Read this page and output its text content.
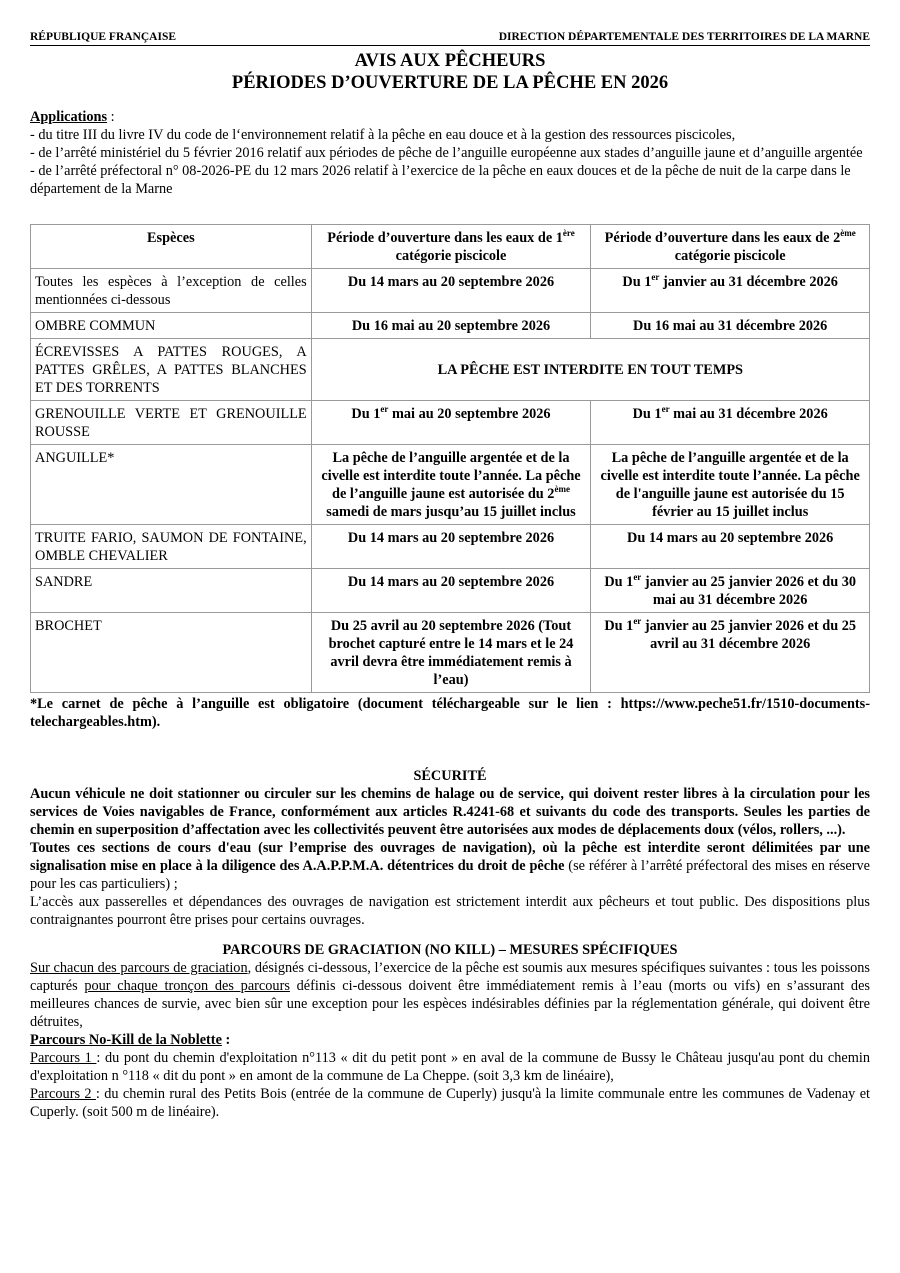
RÉPUBLIQUE FRANÇAISE	DIRECTION DÉPARTEMENTALE DES TERRITOIRES DE LA MARNE
AVIS AUX PÊCHEURS
PÉRIODES D’OUVERTURE DE LA PÊCHE EN 2026
Applications :
- du titre III du livre IV du code de l‘environnement relatif à la pêche en eau douce et à la gestion des ressources piscicoles,
- de l’arrêté ministériel du 5 février 2016 relatif aux périodes de pêche de l’anguille européenne aux stades d’anguille jaune et d’anguille argentée
- de l’arrêté préfectoral n° 08-2026-PE du 12 mars 2026 relatif à l’exercice de la pêche en eaux douces et de la pêche de nuit de la carpe dans le département de la Marne
Espèces	Période d’ouverture dans les eaux de 1ère catégorie piscicole	Période d’ouverture dans les eaux de 2ème catégorie piscicole
Toutes les espèces à l’exception de celles mentionnées ci-dessous	Du 14 mars au 20 septembre 2026	Du 1er janvier au 31 décembre 2026
OMBRE COMMUN	Du 16 mai au 20 septembre 2026	Du 16 mai au 31 décembre 2026
ÉCREVISSES A PATTES ROUGES, A PATTES GRÊLES, A PATTES BLANCHES ET DES TORRENTS	LA PÊCHE EST INTERDITE EN TOUT TEMPS	
GRENOUILLE VERTE ET GRENOUILLE ROUSSE	Du 1er mai au 20 septembre 2026	Du 1er mai au 31 décembre 2026
ANGUILLE*	La pêche de l’anguille argentée et de la civelle est interdite toute l’année. La pêche de l’anguille jaune est autorisée du 2ème samedi de mars jusqu’au 15 juillet inclus	La pêche de l’anguille argentée et de la civelle est interdite toute l’année. La pêche de l'anguille jaune est autorisée du 15 février au 15 juillet inclus
TRUITE FARIO, SAUMON DE FONTAINE, OMBLE CHEVALIER	Du 14 mars au 20 septembre 2026	Du 14 mars au 20 septembre 2026
SANDRE	Du 14 mars au 20 septembre 2026	Du 1er janvier au 25 janvier 2026 et du 30 mai au 31 décembre 2026
BROCHET	Du 25 avril au 20 septembre 2026 (Tout brochet capturé entre le 14 mars et le 24 avril devra être immédiatement remis à l’eau)	Du 1er janvier au 25 janvier 2026 et du 25 avril au 31 décembre 2026
*Le carnet de pêche à l’anguille est obligatoire (document téléchargeable sur le lien : https://www.peche51.fr/1510-documents-telechargeables.htm).
SÉCURITÉ
Aucun véhicule ne doit stationner ou circuler sur les chemins de halage ou de service, qui doivent rester libres à la circulation pour les services de Voies navigables de France, conformément aux articles R.4241-68 et suivants du code des transports. Seules les parties de chemin en superposition d’affectation avec les collectivités peuvent être autorisées aux modes de déplacements doux (vélos, rollers, ...).
Toutes ces sections de cours d'eau (sur l’emprise des ouvrages de navigation), où la pêche est interdite seront délimitées par une signalisation mise en place à la diligence des A.A.P.P.M.A. détentrices du droit de pêche (se référer à l’arrêté préfectoral des mises en réserve pour les cas particuliers) ;
L’accès aux passerelles et dépendances des ouvrages de navigation est strictement interdit aux pêcheurs et tout public. Des dispositions plus contraignantes pourront être prises pour certains ouvrages.
PARCOURS DE GRACIATION (NO KILL) – MESURES SPÉCIFIQUES
Sur chacun des parcours de graciation, désignés ci-dessous, l’exercice de la pêche est soumis aux mesures spécifiques suivantes : tous les poissons capturés pour chaque tronçon des parcours définis ci-dessous doivent être immédiatement remis à l’eau (morts ou vifs) en s’assurant des meilleures chances de survie, avec bien sûr une exception pour les espèces indésirables définies par la réglementation générale, qui doivent être détruites,
Parcours No-Kill de la Noblette :
Parcours 1 : du pont du chemin d'exploitation n°113 « dit du petit pont » en aval de la commune de Bussy le Château jusqu'au pont du chemin d'exploitation n °118 « dit du pont » en amont de la commune de La Cheppe. (soit 3,3 km de linéaire),
Parcours 2 : du chemin rural des Petits Bois (entrée de la commune de Cuperly) jusqu'à la limite communale entre les communes de Vadenay et Cuperly. (soit 500 m de linéaire).
